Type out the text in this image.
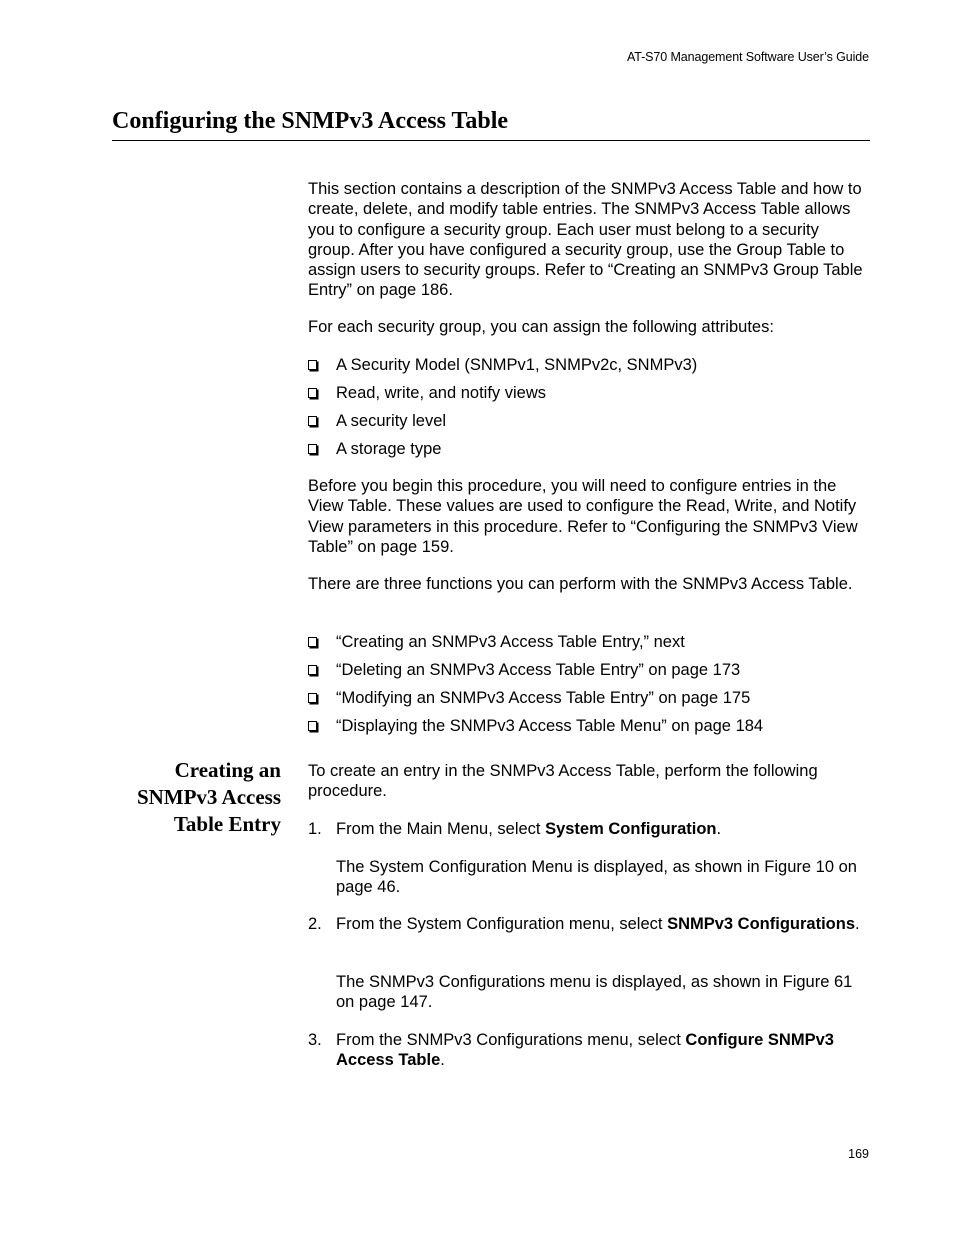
AT-S70 Management Software User’s Guide
Configuring the SNMPv3 Access Table

This section contains a description of the SNMPv3 Access Table and how to create, delete, and modify table entries. The SNMPv3 Access Table allows you to configure a security group. Each user must belong to a security group. After you have configured a security group, use the Group Table to assign users to security groups. Refer to “Creating an SNMPv3 Group Table Entry” on page 186.

For each security group, you can assign the following attributes:

A Security Model (SNMPv1, SNMPv2c, SNMPv3)
Read, write, and notify views
A security level
A storage type

Before you begin this procedure, you will need to configure entries in the View Table. These values are used to configure the Read, Write, and Notify View parameters in this procedure. Refer to “Configuring the SNMPv3 View Table” on page 159.

There are three functions you can perform with the SNMPv3 Access Table.

“Creating an SNMPv3 Access Table Entry,” next
“Deleting an SNMPv3 Access Table Entry” on page 173
“Modifying an SNMPv3 Access Table Entry” on page 175
“Displaying the SNMPv3 Access Table Menu” on page 184
Creating an
SNMPv3 Access
Table Entry

To create an entry in the SNMPv3 Access Table, perform the following procedure.

1. From the Main Menu, select System Configuration.

The System Configuration Menu is displayed, as shown in Figure 10 on page 46.

2. From the System Configuration menu, select SNMPv3 Configurations.

The SNMPv3 Configurations menu is displayed, as shown in Figure 61 on page 147.

3. From the SNMPv3 Configurations menu, select Configure SNMPv3 Access Table.
169
